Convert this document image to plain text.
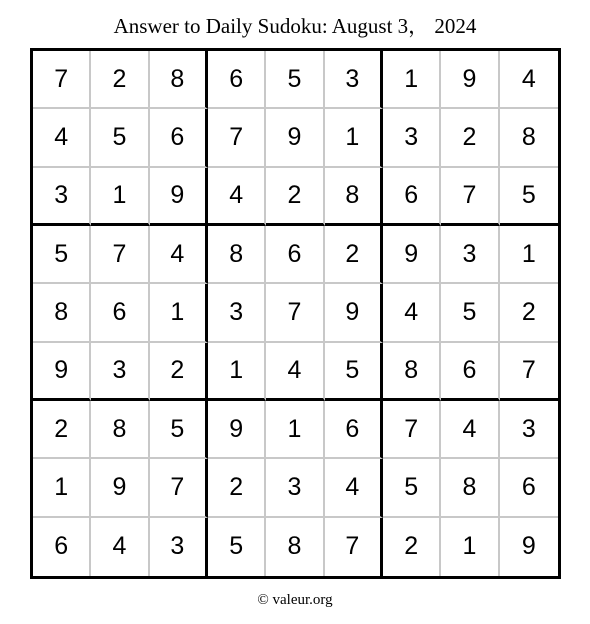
Answer to Daily Sudoku: August 3， 2024
7	2	8	6	5	3	1	9	4
4	5	6	7	9	1	3	2	8
3	1	9	4	2	8	6	7	5
5	7	4	8	6	2	9	3	1
8	6	1	3	7	9	4	5	2
9	3	2	1	4	5	8	6	7
2	8	5	9	1	6	7	4	3
1	9	7	2	3	4	5	8	6
6	4	3	5	8	7	2	1	9
© valeur.org
